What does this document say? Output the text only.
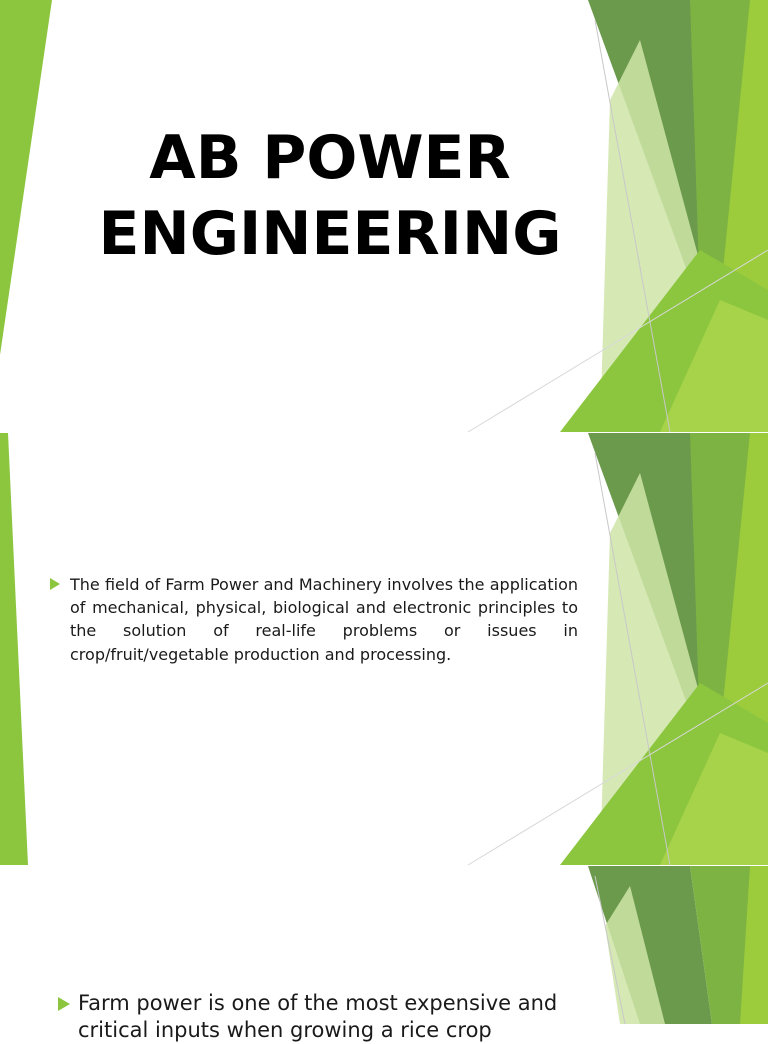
AB POWER ENGINEERING

The field of Farm Power and Machinery involves the application of mechanical, physical, biological and electronic principles to the solution of real-life problems or issues in crop/fruit/vegetable production and processing.

Farm power is one of the most expensive and critical inputs when growing a rice crop
